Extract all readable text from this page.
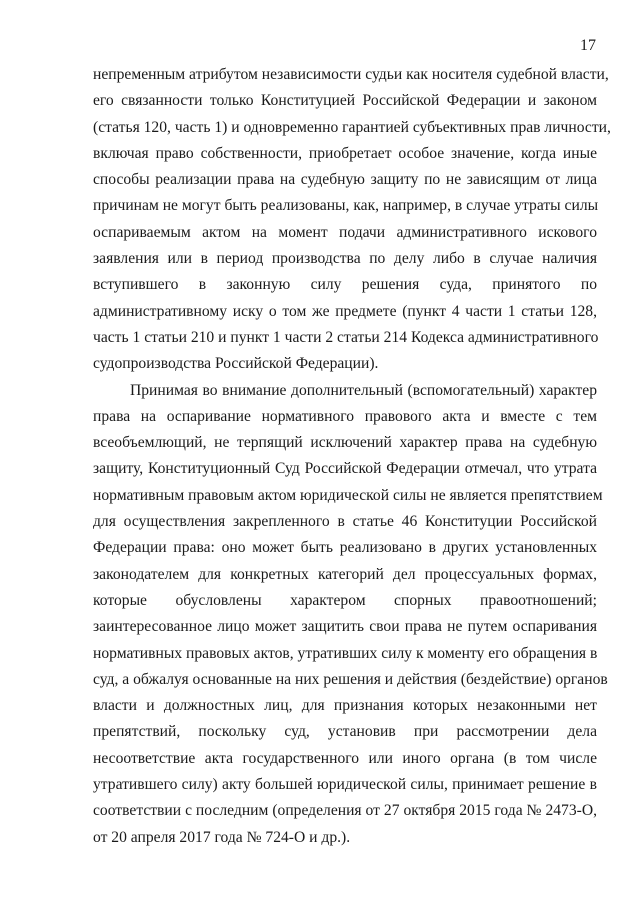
17
непременным атрибутом независимости судьи как носителя судебной власти,
его связанности только Конституцией Российской Федерации и законом
(статья 120, часть 1) и одновременно гарантией субъективных прав личности,
включая право собственности, приобретает особое значение, когда иные
способы реализации права на судебную защиту по не зависящим от лица
причинам не могут быть реализованы, как, например, в случае утраты силы
оспариваемым актом на момент подачи административного искового
заявления или в период производства по делу либо в случае наличия
вступившего в законную силу решения суда, принятого по
административному иску о том же предмете (пункт 4 части 1 статьи 128,
часть 1 статьи 210 и пункт 1 части 2 статьи 214 Кодекса административного
судопроизводства Российской Федерации).
Принимая во внимание дополнительный (вспомогательный) характер
права на оспаривание нормативного правового акта и вместе с тем
всеобъемлющий, не терпящий исключений характер права на судебную
защиту, Конституционный Суд Российской Федерации отмечал, что утрата
нормативным правовым актом юридической силы не является препятствием
для осуществления закрепленного в статье 46 Конституции Российской
Федерации права: оно может быть реализовано в других установленных
законодателем для конкретных категорий дел процессуальных формах,
которые обусловлены характером спорных правоотношений;
заинтересованное лицо может защитить свои права не путем оспаривания
нормативных правовых актов, утративших силу к моменту его обращения в
суд, а обжалуя основанные на них решения и действия (бездействие) органов
власти и должностных лиц, для признания которых незаконными нет
препятствий, поскольку суд, установив при рассмотрении дела
несоответствие акта государственного или иного органа (в том числе
утратившего силу) акту большей юридической силы, принимает решение в
соответствии с последним (определения от 27 октября 2015 года № 2473-О,
от 20 апреля 2017 года № 724-О и др.).
